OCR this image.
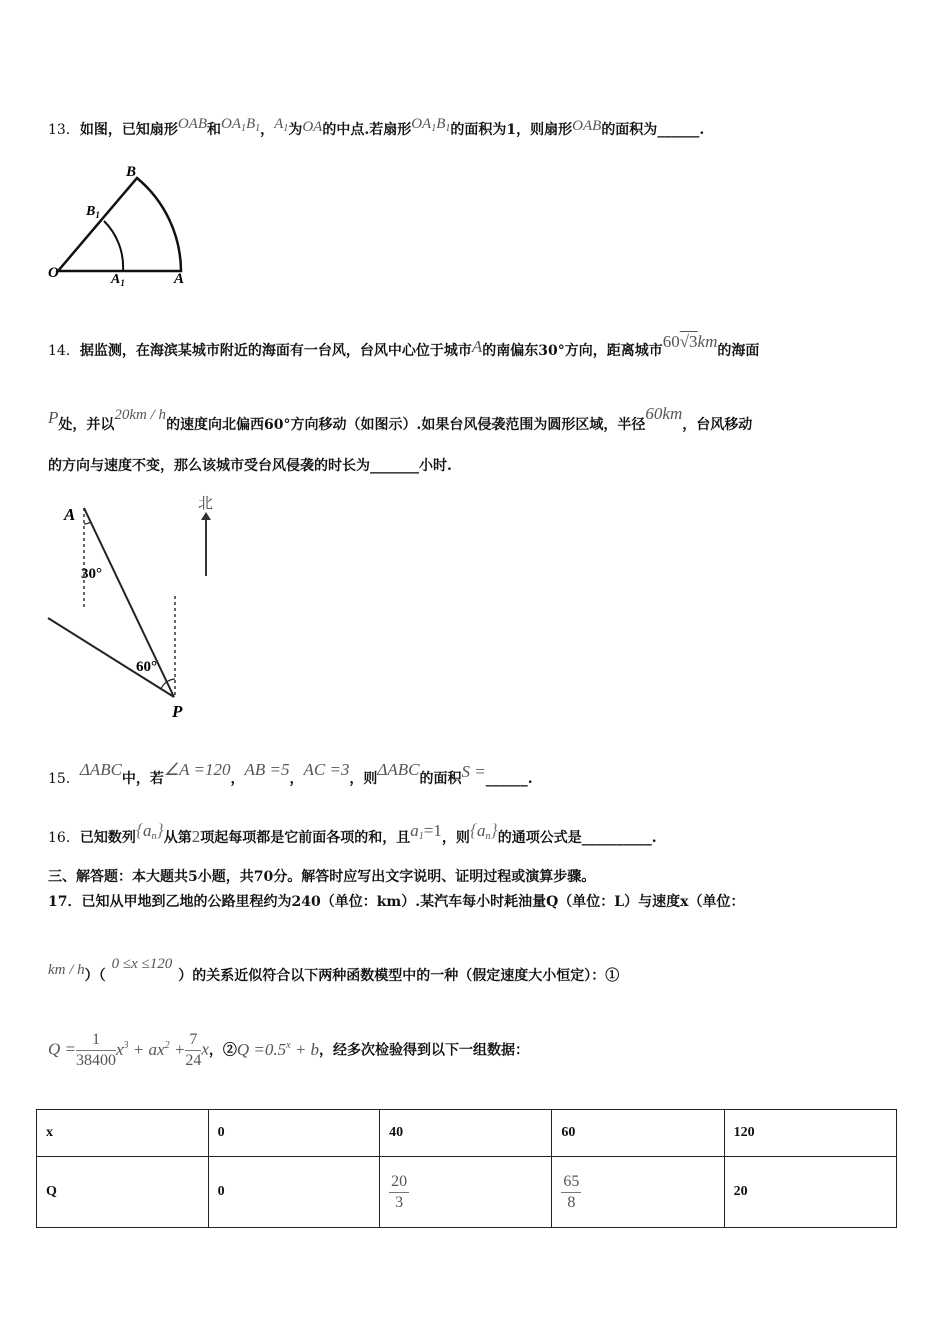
13．如图，已知扇形OAB和$OA_1B_1$，$A_1$为OA的中点.若扇形$OA_1B_1$的面积为1，则扇形OAB的面积为______.
B
$B_1$
O	$A_1$	A
14．据监测，在海滨某城市附近的海面有一台风，台风中心位于城市A的南偏东30°方向，距离城市60√3km的海面
P处，并以20km / h的速度向北偏西60°方向移动（如图示）.如果台风侵袭范围为圆形区域，半径60km，台风移动
的方向与速度不变，那么该城市受台风侵袭的时长为_______小时.
A
30°
60°
P
北
15．ΔABC中，若∠A =120，AB =5，AC =3，则ΔABC的面积S =______.
16．已知数列$\{a_n\}$从第2项起每项都是它前面各项的和，且$a_1=1$，则$\{a_n\}$的通项公式是__________.
三、解答题：本大题共5小题，共70分。解答时应写出文字说明、证明过程或演算步骤。
17．已知从甲地到乙地的公路里程约为240（单位：km）.某汽车每小时耗油量Q（单位：L）与速度x（单位：
km / h）（0 ≤x ≤120）的关系近似符合以下两种函数模型中的一种（假定速度大小恒定）：①
$Q = \frac{1}{38400} x^3 + ax^2 + \frac{7}{24}$ x，②Q $=0.5^x + b$，经多次检验得到以下一组数据：
x	0	40	60	120
Q	0	$\frac{20}{3}$	$\frac{65}{8}$	20
